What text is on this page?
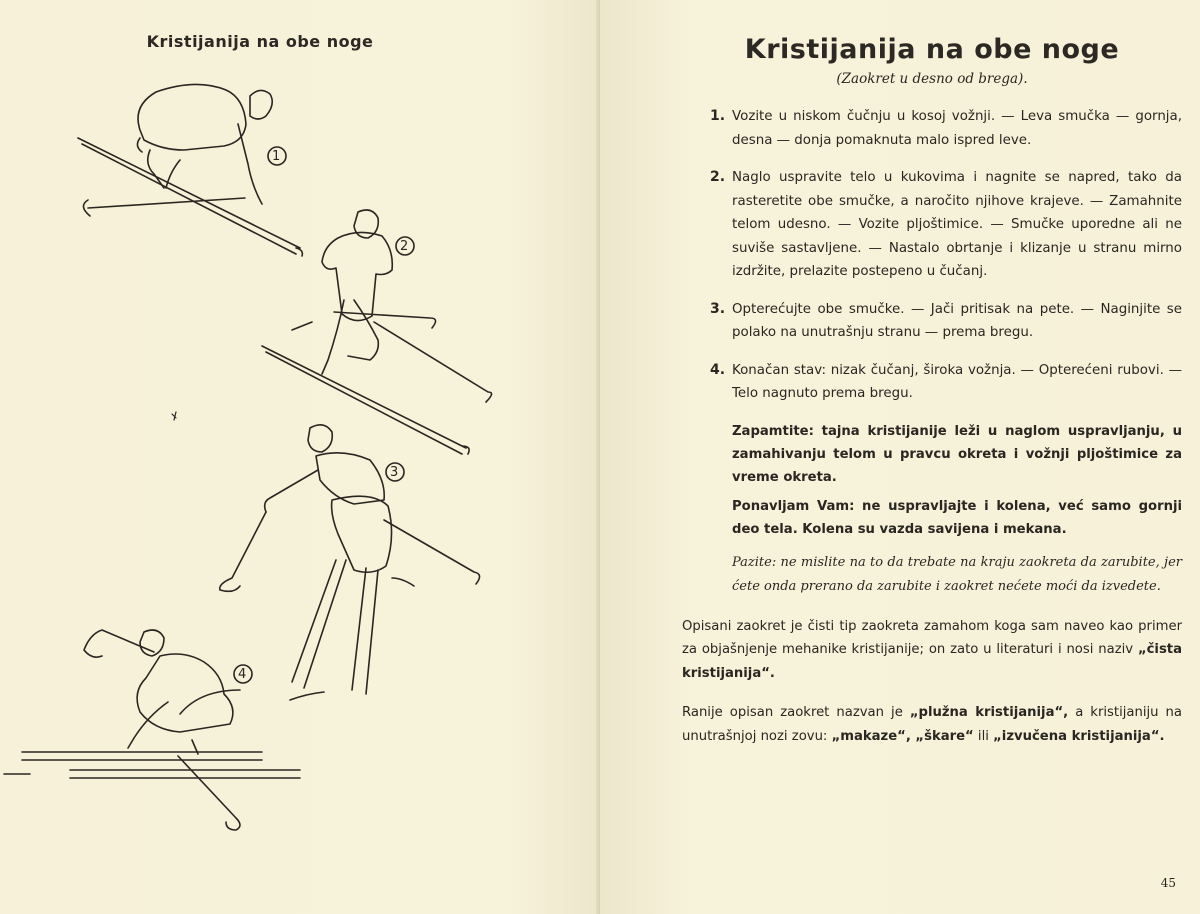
Kristijanija na obe noge
1
2
3
4
Kristijanija na obe noge
(Zaokret u desno od brega).
1. Vozite u niskom čučnju u kosoj vožnji. — Leva smučka — gornja, desna — donja pomaknuta malo ispred leve.
2. Naglo uspravite telo u kukovima i nagnite se napred, tako da rasteretite obe smučke, a naročito njihove krajeve. — Zamahnite telom udesno. — Vozite pljoštimice. — Smučke uporedne ali ne suviše sastavljene. — Nastalo obrtanje i klizanje u stranu mirno izdržite, prelazite postepeno u čučanj.
3. Opterećujte obe smučke. — Jači pritisak na pete. — Naginjite se polako na unutrašnju stranu — prema bregu.
4. Konačan stav: nizak čučanj, široka vožnja. — Opterećeni rubovi. — Telo nagnuto prema bregu.

Zapamtite: tajna kristijanije leži u naglom uspravljanju, u zamahivanju telom u pravcu okreta i vožnji pljoštimice za vreme okreta.

Ponavljam Vam: ne uspravljajte i kolena, već samo gornji deo tela. Kolena su vazda savijena i mekana.

Pazite: ne mislite na to da trebate na kraju zaokreta da zarubite, jer ćete onda prerano da zarubite i zaokret nećete moći da izvedete.
Opisani zaokret je čisti tip zaokreta zamahom koga sam naveo kao primer za objašnjenje mehanike kristijanije; on zato u literaturi i nosi naziv „čista kristijanija“.
Ranije opisan zaokret nazvan je „plužna kristijanija“, a kristijaniju na unutrašnjoj nozi zovu: „makaze“, „škare“ ili „izvučena kristijanija“.
45
